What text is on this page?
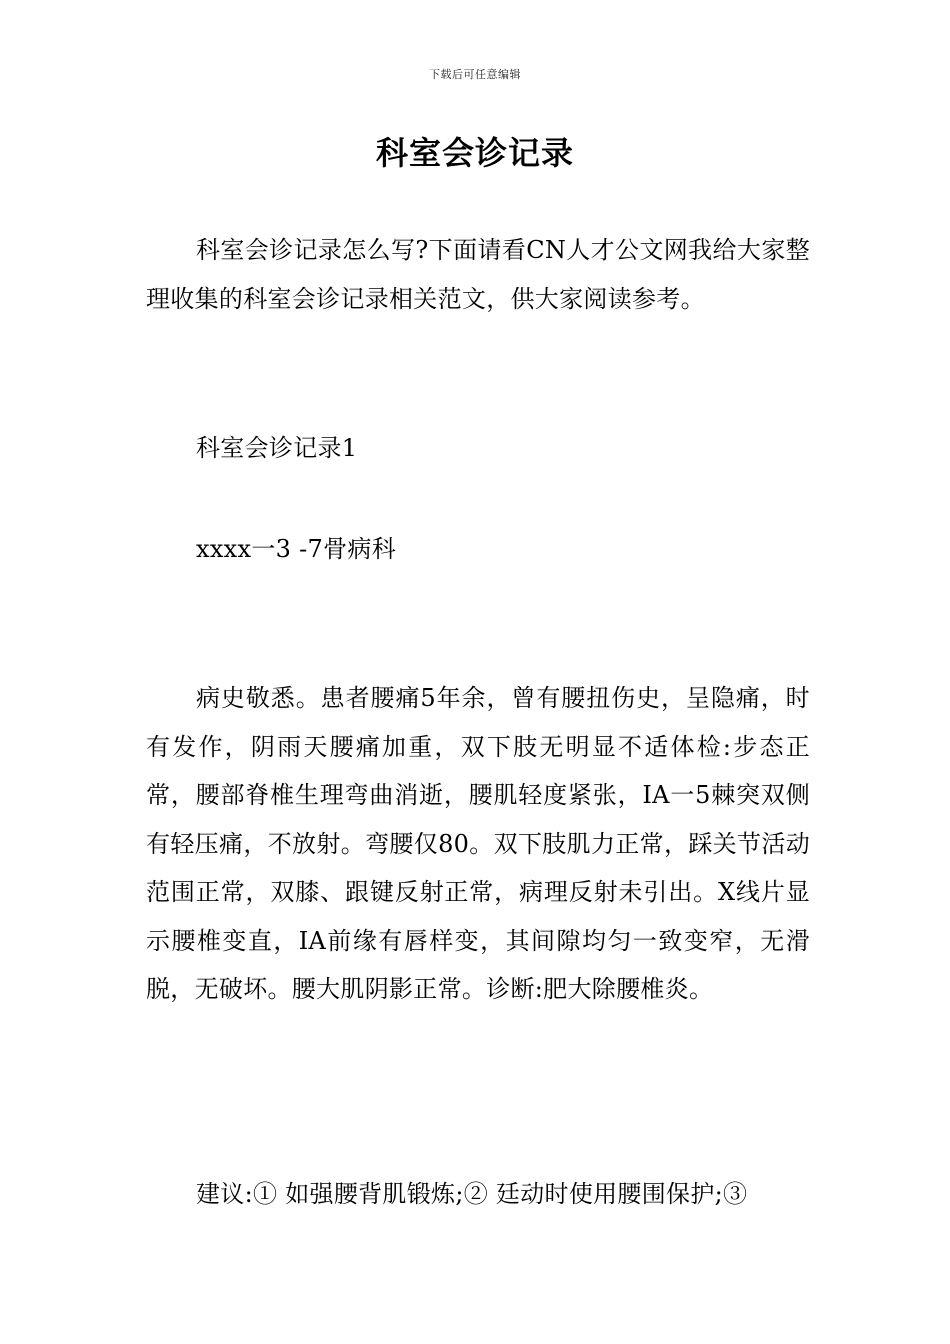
下载后可任意编辑
科室会诊记录

科室会诊记录怎么写?下面请看CN人才公文网我给大家整理收集的科室会诊记录相关范文，供大家阅读参考。

科室会诊记录1
xxxx一3 -7骨病科

病史敬悉。患者腰痛5年余，曾有腰扭伤史，呈隐痛，时有发作，阴雨天腰痛加重，双下肢无明显不适体检:步态正常，腰部脊椎生理弯曲消逝，腰肌轻度紧张，IA一5棘突双侧有轻压痛，不放射。弯腰仅80。双下肢肌力正常，踩关节活动范围正常，双膝、跟键反射正常，病理反射未引出。X线片显示腰椎变直，IA前缘有唇样变，其间隙均匀一致变窄，无滑脱，无破坏。腰大肌阴影正常。诊断:肥大除腰椎炎。

建议:① 如强腰背肌锻炼;② 廷动时使用腰围保护;③
